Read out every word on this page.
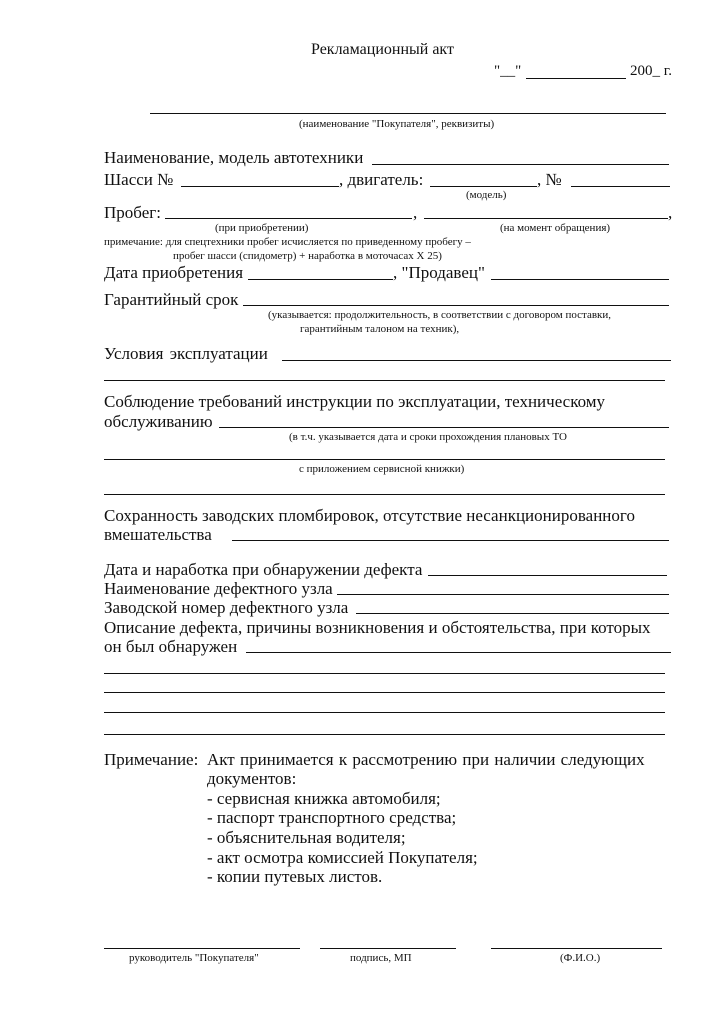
Рекламационный акт
"__"	200_ г.
(наименование "Покупателя", реквизиты)
Наименование, модель автотехники
Шасси №	, двигатель:	, №
(модель)
Пробег:	,	,
(при приобретении)	(на момент обращения)
примечание: для спецтехники пробег исчисляется по приведенному пробегу –
пробег шасси (спидометр) + наработка в моточасах Х 25)
Дата приобретения	, "Продавец"
Гарантийный срок
(указывается: продолжительность, в соответствии с договором поставки,
гарантийным талоном на техник),
Условия эксплуатации
Соблюдение требований инструкции по эксплуатации, техническому
обслуживанию
(в т.ч. указывается дата и сроки прохождения плановых ТО
с приложением сервисной книжки)
Сохранность заводских пломбировок, отсутствие несанкционированного
вмешательства
Дата и наработка при обнаружении дефекта
Наименование дефектного узла
Заводской номер дефектного узла
Описание дефекта, причины возникновения и обстоятельства, при которых
он был обнаружен
Примечание: Акт принимается к рассмотрению при наличии следующих
документов:
- сервисная книжка автомобиля;
- паспорт транспортного средства;
- объяснительная водителя;
- акт осмотра комиссией Покупателя;
- копии путевых листов.
руководитель "Покупателя"	подпись, МП	(Ф.И.О.)
